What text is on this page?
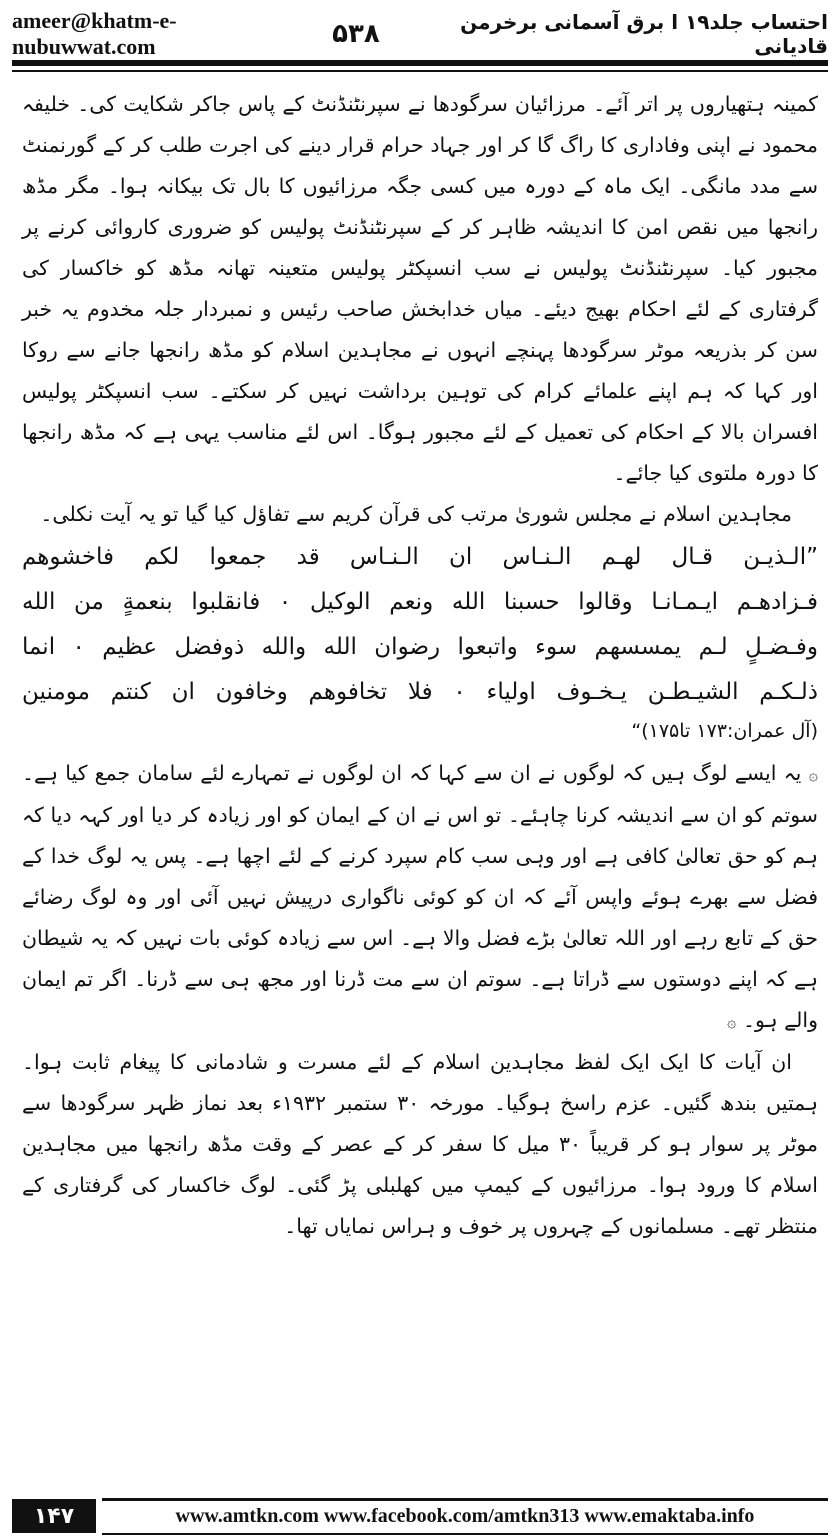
ameer@khatm-e-nubuwwat.com	۵۳۸	احتساب جلد۱۹ ا برق آسمانی برخرمن قادیانی

کمینہ ہتھیاروں پر اتر آئے۔ مرزائیان سرگودھا نے سپرنٹنڈنٹ کے پاس جاکر شکایت کی۔ خلیفہ محمود نے اپنی وفاداری کا راگ گا کر اور جہاد حرام قرار دینے کی اجرت طلب کر کے گورنمنٹ سے مدد مانگی۔ ایک ماہ کے دورہ میں کسی جگہ مرزائیوں کا بال تک بیکانہ ہوا۔ مگر مڈھ رانجھا میں نقص امن کا اندیشہ ظاہر کر کے سپرنٹنڈنٹ پولیس کو ضروری کاروائی کرنے پر مجبور کیا۔ سپرنٹنڈنٹ پولیس نے سب انسپکٹر پولیس متعینہ تھانہ مڈھ کو خاکسار کی گرفتاری کے لئے احکام بھیج دیئے۔ میاں خدابخش صاحب رئیس و نمبردار جلہ مخدوم یہ خبر سن کر بذریعہ موٹر سرگودھا پہنچے انہوں نے مجاہدین اسلام کو مڈھ رانجھا جانے سے روکا اور کہا کہ ہم اپنے علمائے کرام کی توہین برداشت نہیں کر سکتے۔ سب انسپکٹر پولیس افسران بالا کے احکام کی تعمیل کے لئے مجبور ہوگا۔ اس لئے مناسب یہی ہے کہ مڈھ رانجھا کا دورہ ملتوی کیا جائے۔

مجاہدین اسلام نے مجلس شوریٰ مرتب کی قرآن کریم سے تفاؤل کیا گیا تو یہ آیت نکلی۔

”الـذيـن قـال لهـم الـنـاس ان الـنـاس قد جمعوا لكم فاخشوهم

فـزادهـم ايـمـانـا وقالوا حسبنا الله ونعم الوكيل ۰ فانقلبوا بنعمةٍ من الله

وفـضـلٍ لـم يمسسهم سوء واتبعوا رضوان الله والله ذوفضل عظيم ۰ انما

ذلـكـم الشيـطـن يـخـوف اولياء ۰ فلا تخافوهم وخافون ان كنتم مومنين

(آل عمران:۱۷۳ تا۱۷۵)“

۞ یہ ایسے لوگ ہیں کہ لوگوں نے ان سے کہا کہ ان لوگوں نے تمہارے لئے سامان جمع کیا ہے۔ سوتم کو ان سے اندیشہ کرنا چاہئے۔ تو اس نے ان کے ایمان کو اور زیادہ کر دیا اور کہہ دیا کہ ہم کو حق تعالیٰ کافی ہے اور وہی سب کام سپرد کرنے کے لئے اچھا ہے۔ پس یہ لوگ خدا کے فضل سے بھرے ہوئے واپس آئے کہ ان کو کوئی ناگواری درپیش نہیں آئی اور وہ لوگ رضائے حق کے تابع رہے اور اللہ تعالیٰ بڑے فضل والا ہے۔ اس سے زیادہ کوئی بات نہیں کہ یہ شیطان ہے کہ اپنے دوستوں سے ڈراتا ہے۔ سوتم ان سے مت ڈرنا اور مجھ ہی سے ڈرنا۔ اگر تم ایمان والے ہو۔ ۞

ان آیات کا ایک ایک لفظ مجاہدین اسلام کے لئے مسرت و شادمانی کا پیغام ثابت ہوا۔ ہمتیں بندھ گئیں۔ عزم راسخ ہوگیا۔ مورخہ ۳۰ ستمبر ۱۹۳۲ء بعد نماز ظہر سرگودھا سے موٹر پر سوار ہو کر قریباً ۳۰ میل کا سفر کر کے عصر کے وقت مڈھ رانجھا میں مجاہدین اسلام کا ورود ہوا۔ مرزائیوں کے کیمپ میں کھلبلی پڑ گئی۔ لوگ خاکسار کی گرفتاری کے منتظر تھے۔ مسلمانوں کے چہروں پر خوف و ہراس نمایاں تھا۔

۱۴۷	www.amtkn.com www.facebook.com/amtkn313 www.emaktaba.info
